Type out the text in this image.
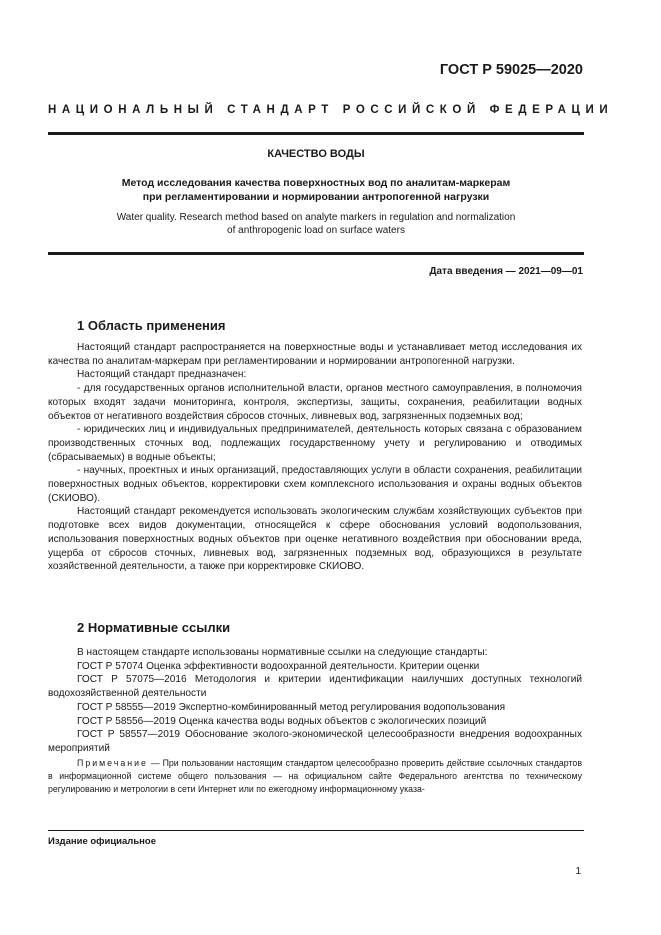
ГОСТ Р 59025—2020
НАЦИОНАЛЬНЫЙ СТАНДАРТ РОССИЙСКОЙ ФЕДЕРАЦИИ
КАЧЕСТВО ВОДЫ
Метод исследования качества поверхностных вод по аналитам-маркерам
при регламентировании и нормировании антропогенной нагрузки
Water quality. Research method based on analyte markers in regulation and normalization
of anthropogenic load on surface waters
Дата введения — 2021—09—01
1 Область применения

Настоящий стандарт распространяется на поверхностные воды и устанавливает метод исследования их качества по аналитам-маркерам при регламентировании и нормировании антропогенной нагрузки.

Настоящий стандарт предназначен:

- для государственных органов исполнительной власти, органов местного самоуправления, в полномочия которых входят задачи мониторинга, контроля, экспертизы, защиты, сохранения, реабилитации водных объектов от негативного воздействия сбросов сточных, ливневых вод, загрязненных подземных вод;

- юридических лиц и индивидуальных предпринимателей, деятельность которых связана с образованием производственных сточных вод, подлежащих государственному учету и регулированию и отводимых (сбрасываемых) в водные объекты;

- научных, проектных и иных организаций, предоставляющих услуги в области сохранения, реабилитации поверхностных водных объектов, корректировки схем комплексного использования и охраны водных объектов (СКИОВО).

Настоящий стандарт рекомендуется использовать экологическим службам хозяйствующих субъектов при подготовке всех видов документации, относящейся к сфере обоснования условий водопользования, использования поверхностных водных объектов при оценке негативного воздействия при обосновании вреда, ущерба от сбросов сточных, ливневых вод, загрязненных подземных вод, образующихся в результате хозяйственной деятельности, а также при корректировке СКИОВО.

2 Нормативные ссылки

В настоящем стандарте использованы нормативные ссылки на следующие стандарты:

ГОСТ Р 57074 Оценка эффективности водоохранной деятельности. Критерии оценки

ГОСТ Р 57075—2016 Методология и критерии идентификации наилучших доступных технологий водохозяйственной деятельности

ГОСТ Р 58555—2019 Экспертно-комбинированный метод регулирования водопользования

ГОСТ Р 58556—2019 Оценка качества воды водных объектов с экологических позиций

ГОСТ Р 58557—2019 Обоснование эколого-экономической целесообразности внедрения водоохранных мероприятий

Примечание — При пользовании настоящим стандартом целесообразно проверить действие ссылочных стандартов в информационной системе общего пользования — на официальном сайте Федерального агентства по техническому регулированию и метрологии в сети Интернет или по ежегодному информационному указа-
Издание официальное
1
